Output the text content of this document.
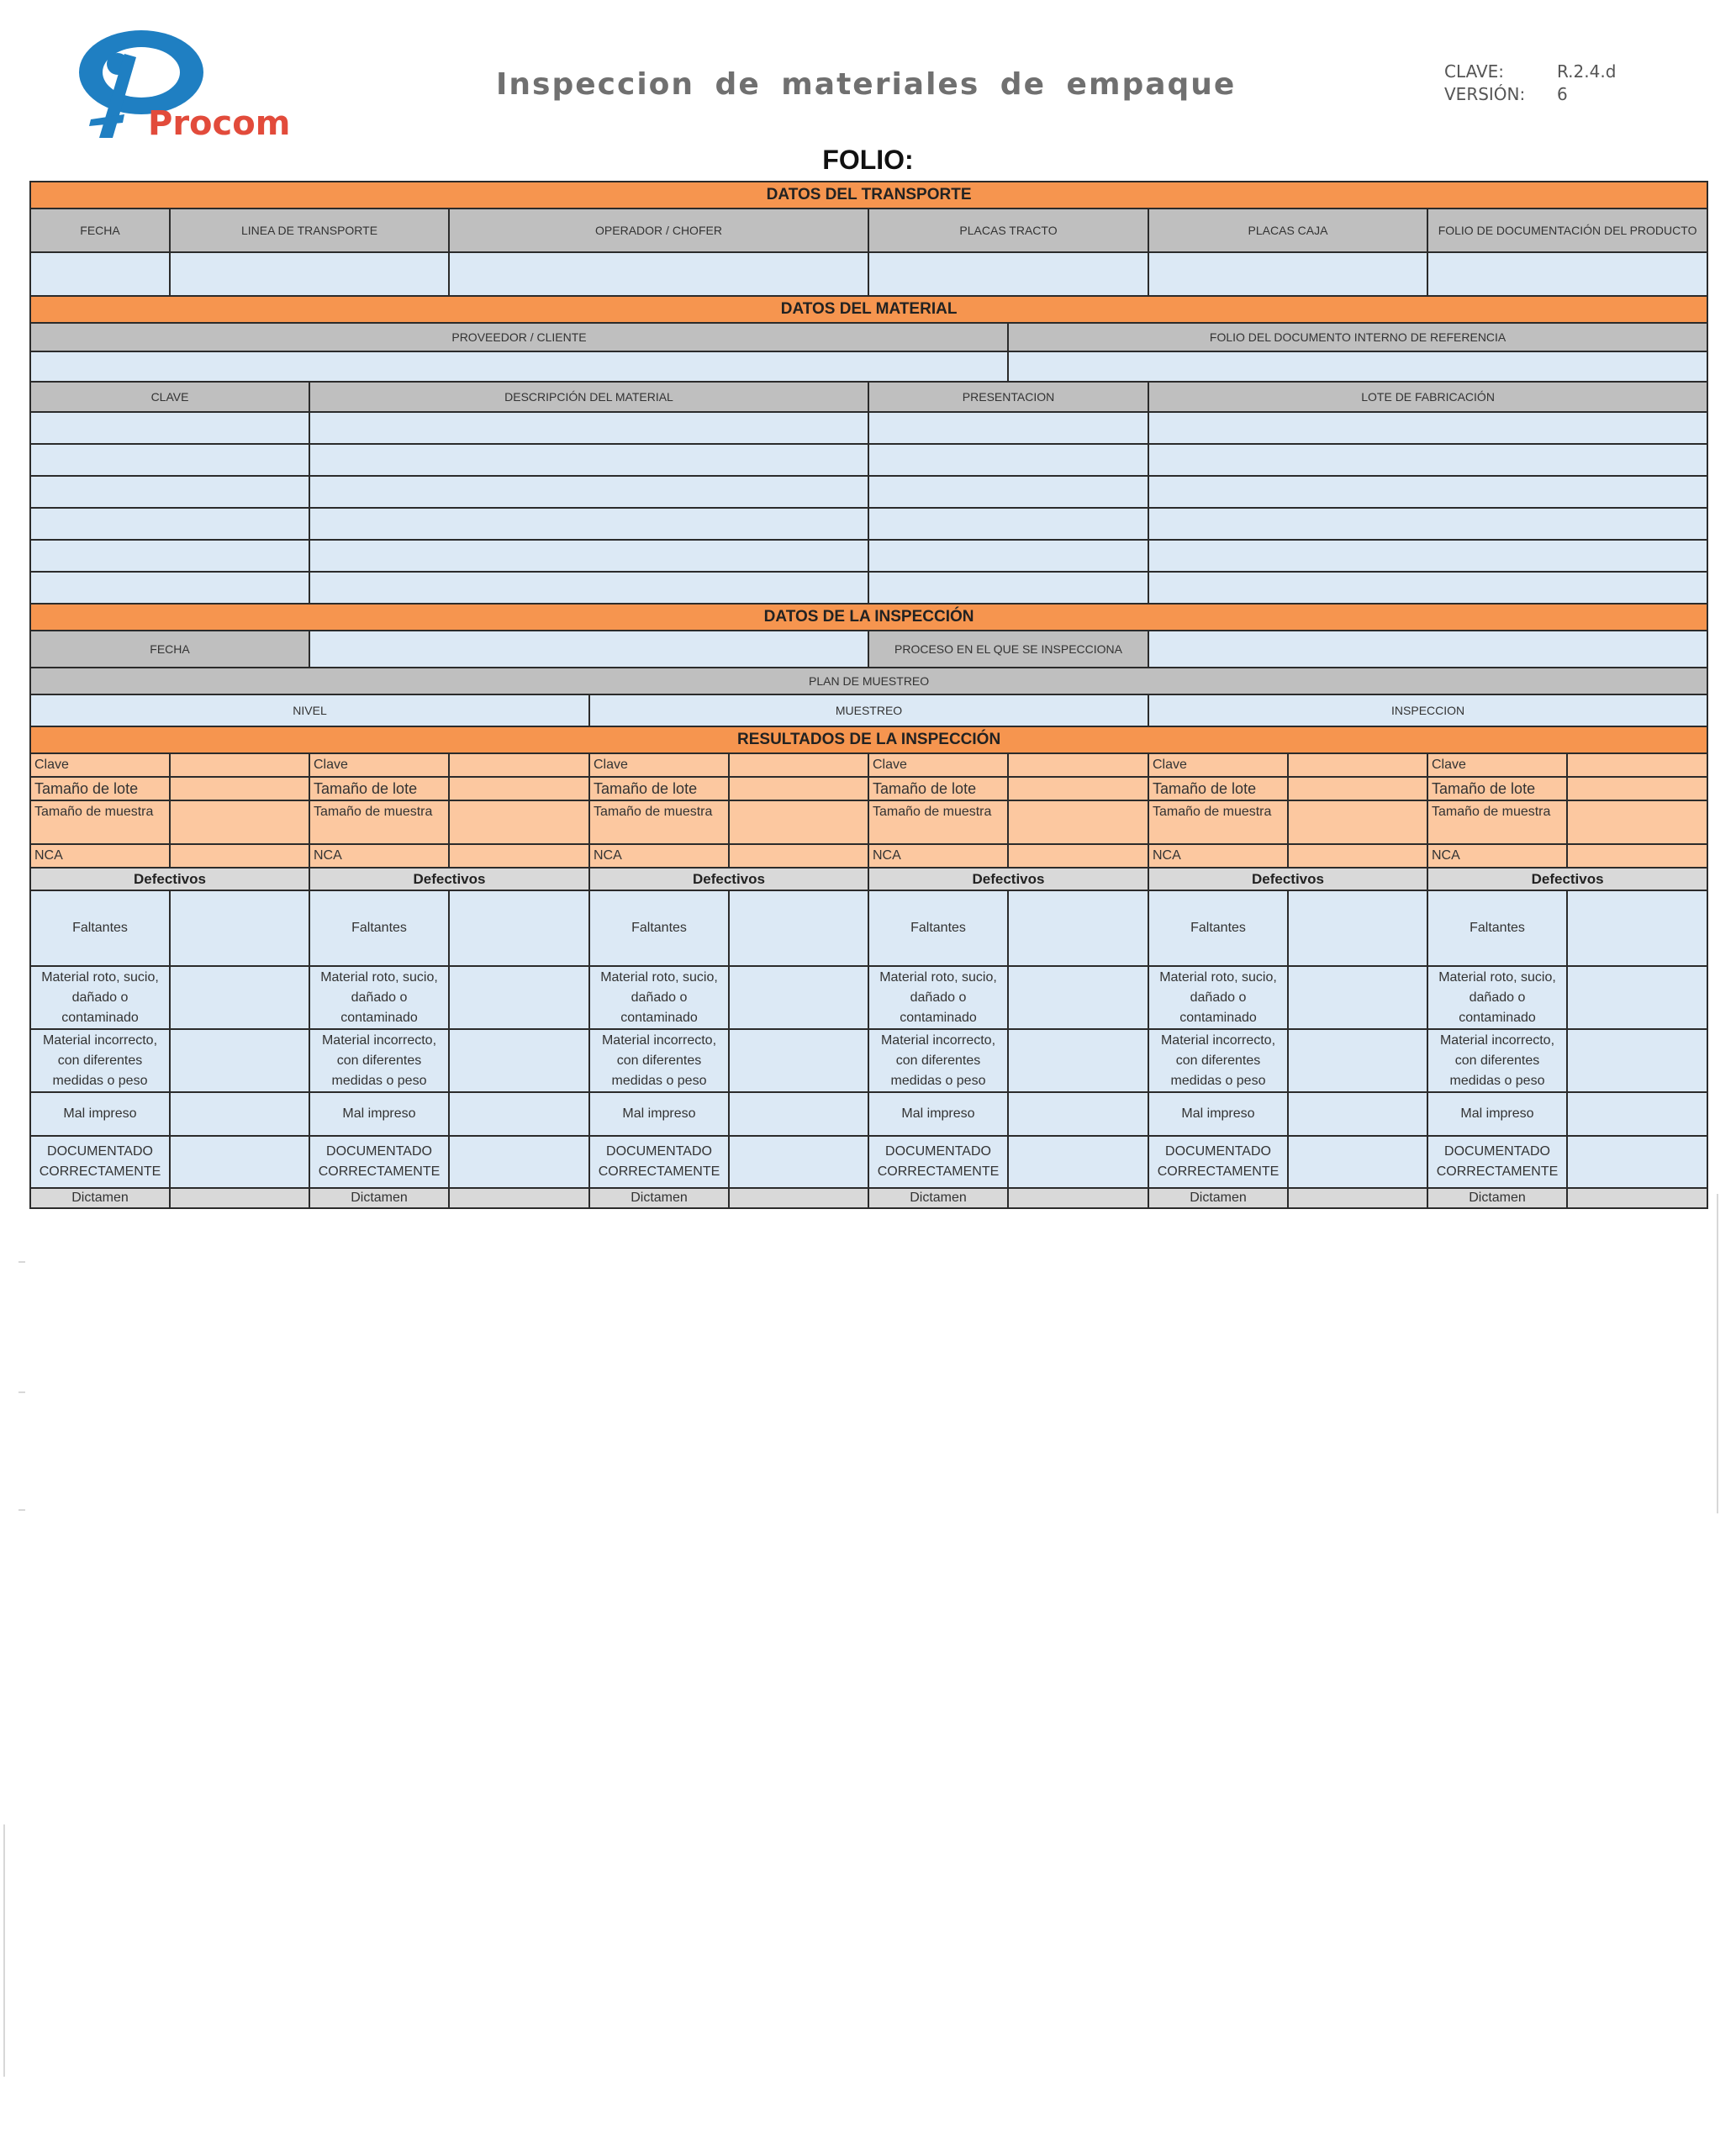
Procom
Inspeccion de materiales de empaque	CLAVE:	R.2.4.d
VERSIÓN:	6
FOLIO:
DATOS DEL TRANSPORTE											
FECHA	LINEA DE TRANSPORTE		OPERADOR / CHOFER			PLACAS TRACTO		PLACAS CAJA		FOLIO DE DOCUMENTACIÓN DEL PRODUCTO	

DATOS DEL MATERIAL											
PROVEEDOR / CLIENTE							FOLIO DEL DOCUMENTO INTERNO DE REFERENCIA				

CLAVE		DESCRIPCIÓN DEL MATERIAL				PRESENTACION		LOTE DE FABRICACIÓN			

DATOS DE LA INSPECCIÓN											
FECHA						PROCESO EN EL QUE SE INSPECCIONA					
PLAN DE MUESTREO											
NIVEL				MUESTREO				INSPECCION			
RESULTADOS DE LA INSPECCIÓN											
Clave		Clave		Clave		Clave		Clave		Clave	
Tamaño de lote		Tamaño de lote		Tamaño de lote		Tamaño de lote		Tamaño de lote		Tamaño de lote	
Tamaño de muestra		Tamaño de muestra		Tamaño de muestra		Tamaño de muestra		Tamaño de muestra		Tamaño de muestra	
NCA		NCA		NCA		NCA		NCA		NCA	
Defectivos		Defectivos		Defectivos		Defectivos		Defectivos		Defectivos	
Faltantes		Faltantes		Faltantes		Faltantes		Faltantes		Faltantes	
Material roto, sucio, dañado o contaminado		Material roto, sucio, dañado o contaminado		Material roto, sucio, dañado o contaminado		Material roto, sucio, dañado o contaminado		Material roto, sucio, dañado o contaminado		Material roto, sucio, dañado o contaminado	
Material incorrecto, con diferentes medidas o peso		Material incorrecto, con diferentes medidas o peso		Material incorrecto, con diferentes medidas o peso		Material incorrecto, con diferentes medidas o peso		Material incorrecto, con diferentes medidas o peso		Material incorrecto, con diferentes medidas o peso	
Mal impreso		Mal impreso		Mal impreso		Mal impreso		Mal impreso		Mal impreso	
DOCUMENTADO CORRECTAMENTE		DOCUMENTADO CORRECTAMENTE		DOCUMENTADO CORRECTAMENTE		DOCUMENTADO CORRECTAMENTE		DOCUMENTADO CORRECTAMENTE		DOCUMENTADO CORRECTAMENTE	
Dictamen		Dictamen		Dictamen		Dictamen		Dictamen		Dictamen	
